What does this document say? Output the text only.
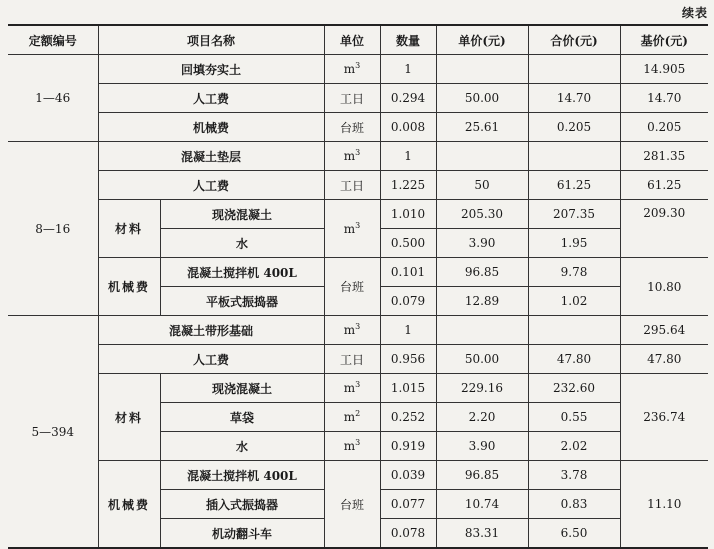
续表
定额编号	项目名称		单位	数量	单价(元)	合价(元)	基价(元)
1—46	回填夯实土		$m^3$	1			14.905
	人工费		工日	0.294	50.00	14.70	14.70
	机械费		台班	0.008	25.61	0.205	0.205
8—16	混凝土垫层		$m^3$	1			281.35
	人工费		工日	1.225	50	61.25	61.25
	材料	现浇混凝土	$m^3$	1.010	205.30	207.35	209.30
		水		0.500	3.90	1.95	
	机械费	混凝土搅拌机 400L	台班	0.101	96.85	9.78	10.80
		平板式振捣器		0.079	12.89	1.02	
5—394	混凝土带形基础		$m^3$	1			295.64
	人工费		工日	0.956	50.00	47.80	47.80
	材料	现浇混凝土	$m^3$	1.015	229.16	232.60	236.74
		草袋	$m^2$	0.252	2.20	0.55	
		水	$m^3$	0.919	3.90	2.02	
	机械费	混凝土搅拌机 400L	台班	0.039	96.85	3.78	11.10
		插入式振捣器		0.077	10.74	0.83	
		机动翻斗车		0.078	83.31	6.50	
